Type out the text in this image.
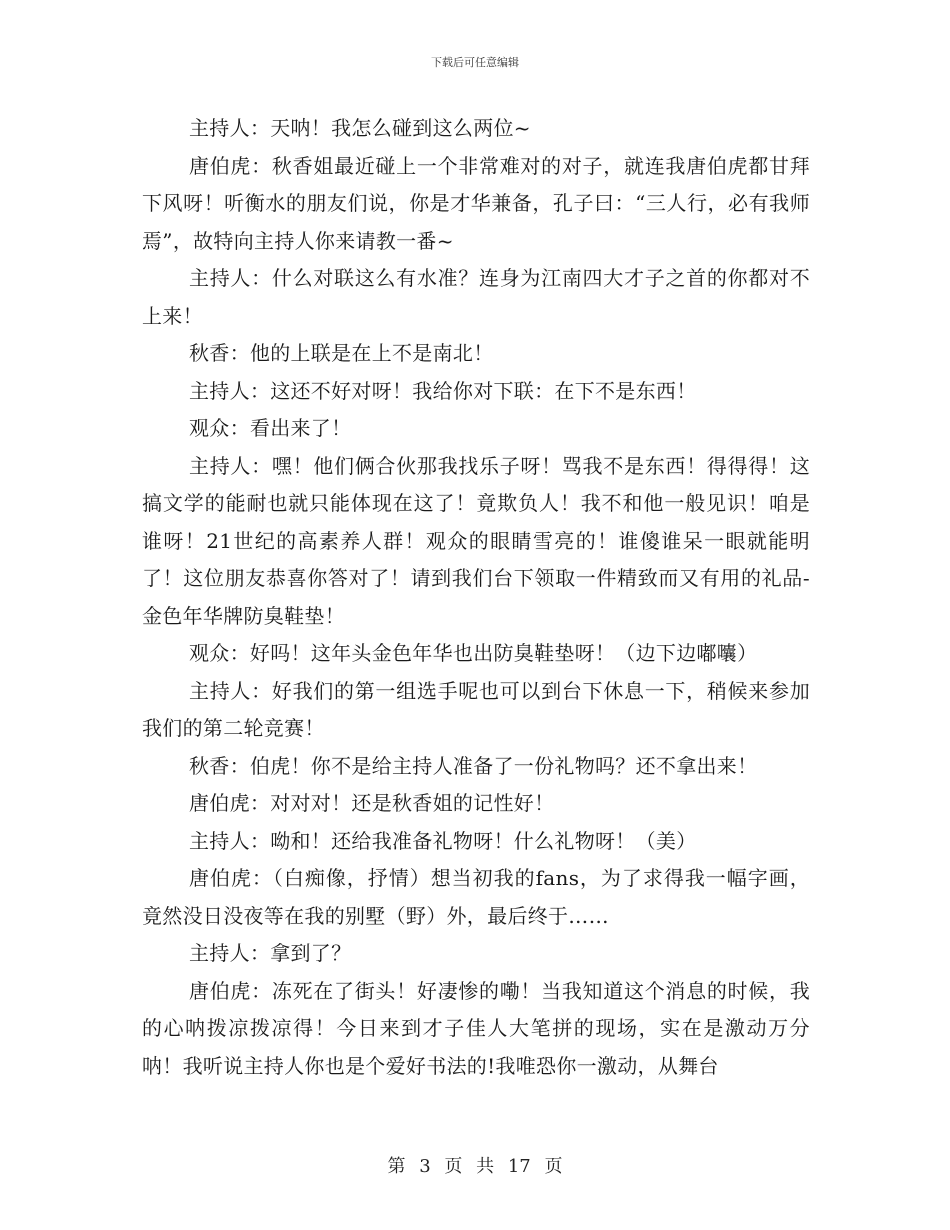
下载后可任意编辑

主持人：天呐！我怎么碰到这么两位~

唐伯虎：秋香姐最近碰上一个非常难对的对子，就连我唐伯虎都甘拜下风呀！听衡水的朋友们说，你是才华兼备，孔子曰：“三人行，必有我师焉”，故特向主持人你来请教一番~

主持人：什么对联这么有水准？连身为江南四大才子之首的你都对不上来！

秋香：他的上联是在上不是南北！

主持人：这还不好对呀！我给你对下联：在下不是东西！

观众：看出来了！

主持人：嘿！他们俩合伙那我找乐子呀！骂我不是东西！得得得！这搞文学的能耐也就只能体现在这了！竟欺负人！我不和他一般见识！咱是谁呀！21世纪的高素养人群！观众的眼睛雪亮的！谁傻谁呆一眼就能明了！这位朋友恭喜你答对了！请到我们台下领取一件精致而又有用的礼品-金色年华牌防臭鞋垫！

观众：好吗！这年头金色年华也出防臭鞋垫呀！（边下边嘟囔）

主持人：好我们的第一组选手呢也可以到台下休息一下，稍候来参加我们的第二轮竞赛！

秋香：伯虎！你不是给主持人准备了一份礼物吗？还不拿出来！

唐伯虎：对对对！还是秋香姐的记性好！

主持人：呦和！还给我准备礼物呀！什么礼物呀！（美）

唐伯虎：（白痴像，抒情）想当初我的fans，为了求得我一幅字画，竟然没日没夜等在我的别墅（野）外，最后终于……

主持人：拿到了？

唐伯虎：冻死在了街头！好凄惨的嘞！当我知道这个消息的时候，我的心呐拨凉拨凉得！今日来到才子佳人大笔拼的现场，实在是激动万分呐！我听说主持人你也是个爱好书法的!我唯恐你一激动，从舞台

第 3 页 共 17 页
